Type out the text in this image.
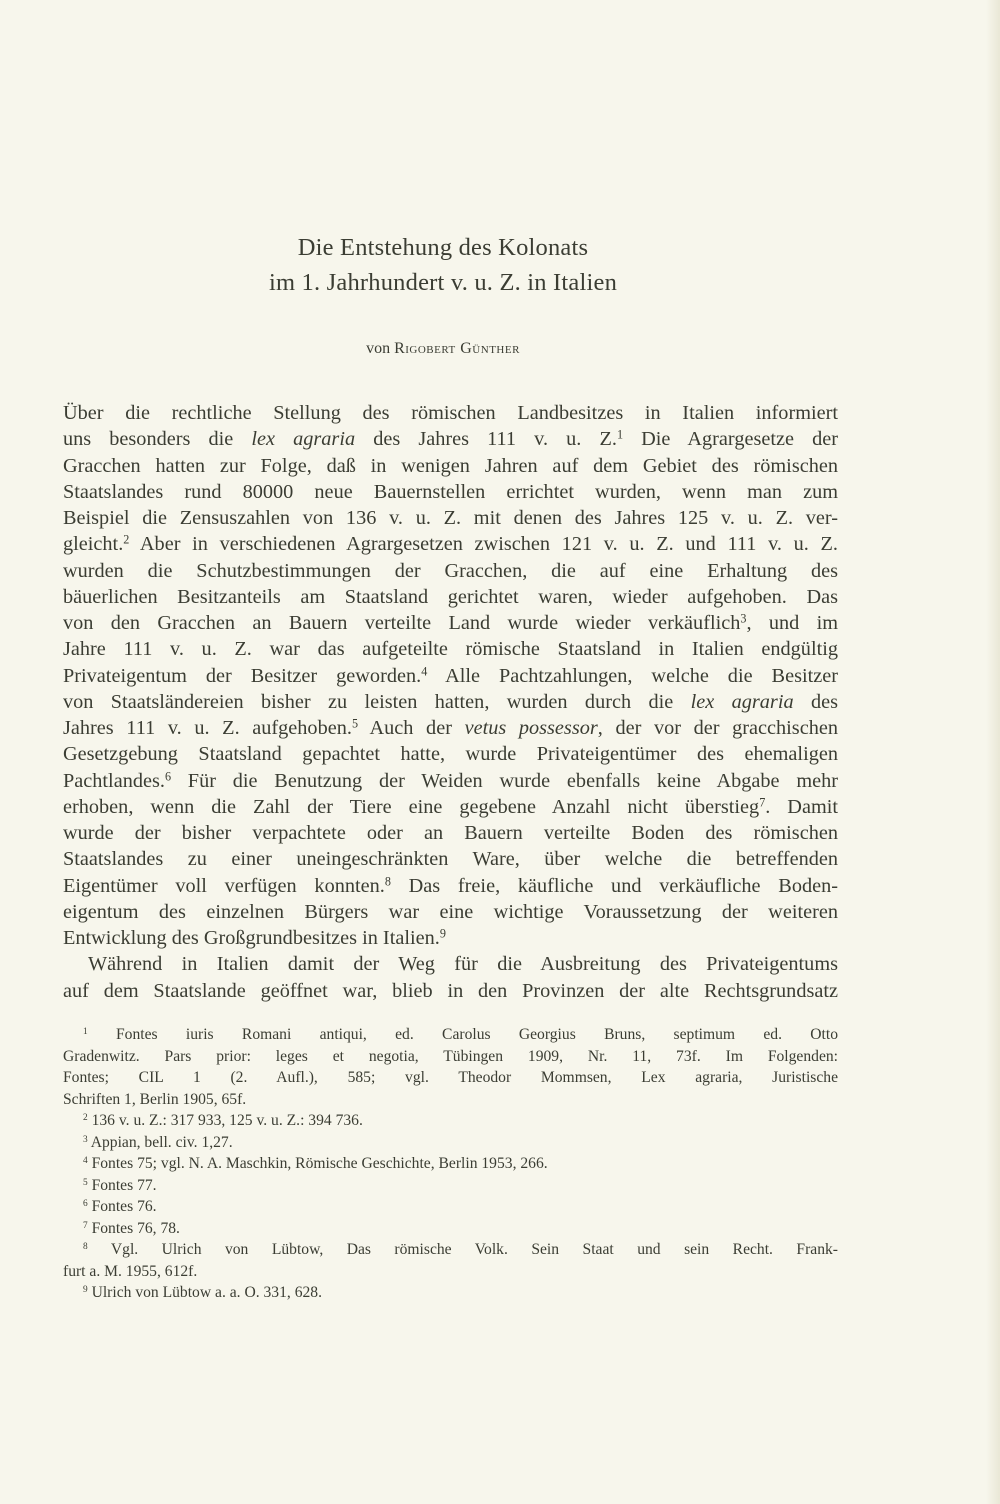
Die Entstehung des Kolonats
im 1. Jahrhundert v. u. Z. in Italien
von Rigobert Günther
Über die rechtliche Stellung des römischen Landbesitzes in Italien informiert
uns besonders die lex agraria des Jahres 111 v. u. Z.$^1$ Die Agrargesetze der
Gracchen hatten zur Folge, daß in wenigen Jahren auf dem Gebiet des römischen
Staatslandes rund 80000 neue Bauernstellen errichtet wurden, wenn man zum
Beispiel die Zensuszahlen von 136 v. u. Z. mit denen des Jahres 125 v. u. Z. ver-
gleicht.$^2$ Aber in verschiedenen Agrargesetzen zwischen 121 v. u. Z. und 111 v. u. Z.
wurden die Schutzbestimmungen der Gracchen, die auf eine Erhaltung des
bäuerlichen Besitzanteils am Staatsland gerichtet waren, wieder aufgehoben. Das
von den Gracchen an Bauern verteilte Land wurde wieder verkäuflich$^3$, und im
Jahre 111 v. u. Z. war das aufgeteilte römische Staatsland in Italien endgültig
Privateigentum der Besitzer geworden.$^4$ Alle Pachtzahlungen, welche die Besitzer
von Staatsländereien bisher zu leisten hatten, wurden durch die lex agraria des
Jahres 111 v. u. Z. aufgehoben.$^5$ Auch der vetus possessor, der vor der gracchischen
Gesetzgebung Staatsland gepachtet hatte, wurde Privateigentümer des ehemaligen
Pachtlandes.$^6$ Für die Benutzung der Weiden wurde ebenfalls keine Abgabe mehr
erhoben, wenn die Zahl der Tiere eine gegebene Anzahl nicht überstieg$^7$. Damit
wurde der bisher verpachtete oder an Bauern verteilte Boden des römischen
Staatslandes zu einer uneingeschränkten Ware, über welche die betreffenden
Eigentümer voll verfügen konnten.$^8$ Das freie, käufliche und verkäufliche Boden-
eigentum des einzelnen Bürgers war eine wichtige Voraussetzung der weiteren
Entwicklung des Großgrundbesitzes in Italien.$^9$
Während in Italien damit der Weg für die Ausbreitung des Privateigentums
auf dem Staatslande geöffnet war, blieb in den Provinzen der alte Rechtsgrundsatz
$^1$ Fontes iuris Romani antiqui, ed. Carolus Georgius Bruns, septimum ed. Otto
Gradenwitz. Pars prior: leges et negotia, Tübingen 1909, Nr. 11, 73f. Im Folgenden:
Fontes; CIL 1 (2. Aufl.), 585; vgl. Theodor Mommsen, Lex agraria, Juristische
Schriften 1, Berlin 1905, 65f.
$^2$ 136 v. u. Z.: 317 933, 125 v. u. Z.: 394 736.
$^3$ Appian, bell. civ. 1,27.
$^4$ Fontes 75; vgl. N. A. Maschkin, Römische Geschichte, Berlin 1953, 266.
$^5$ Fontes 77.
$^6$ Fontes 76.
$^7$ Fontes 76, 78.
$^8$ Vgl. Ulrich von Lübtow, Das römische Volk. Sein Staat und sein Recht. Frank-
furt a. M. 1955, 612f.
$^9$ Ulrich von Lübtow a. a. O. 331, 628.
